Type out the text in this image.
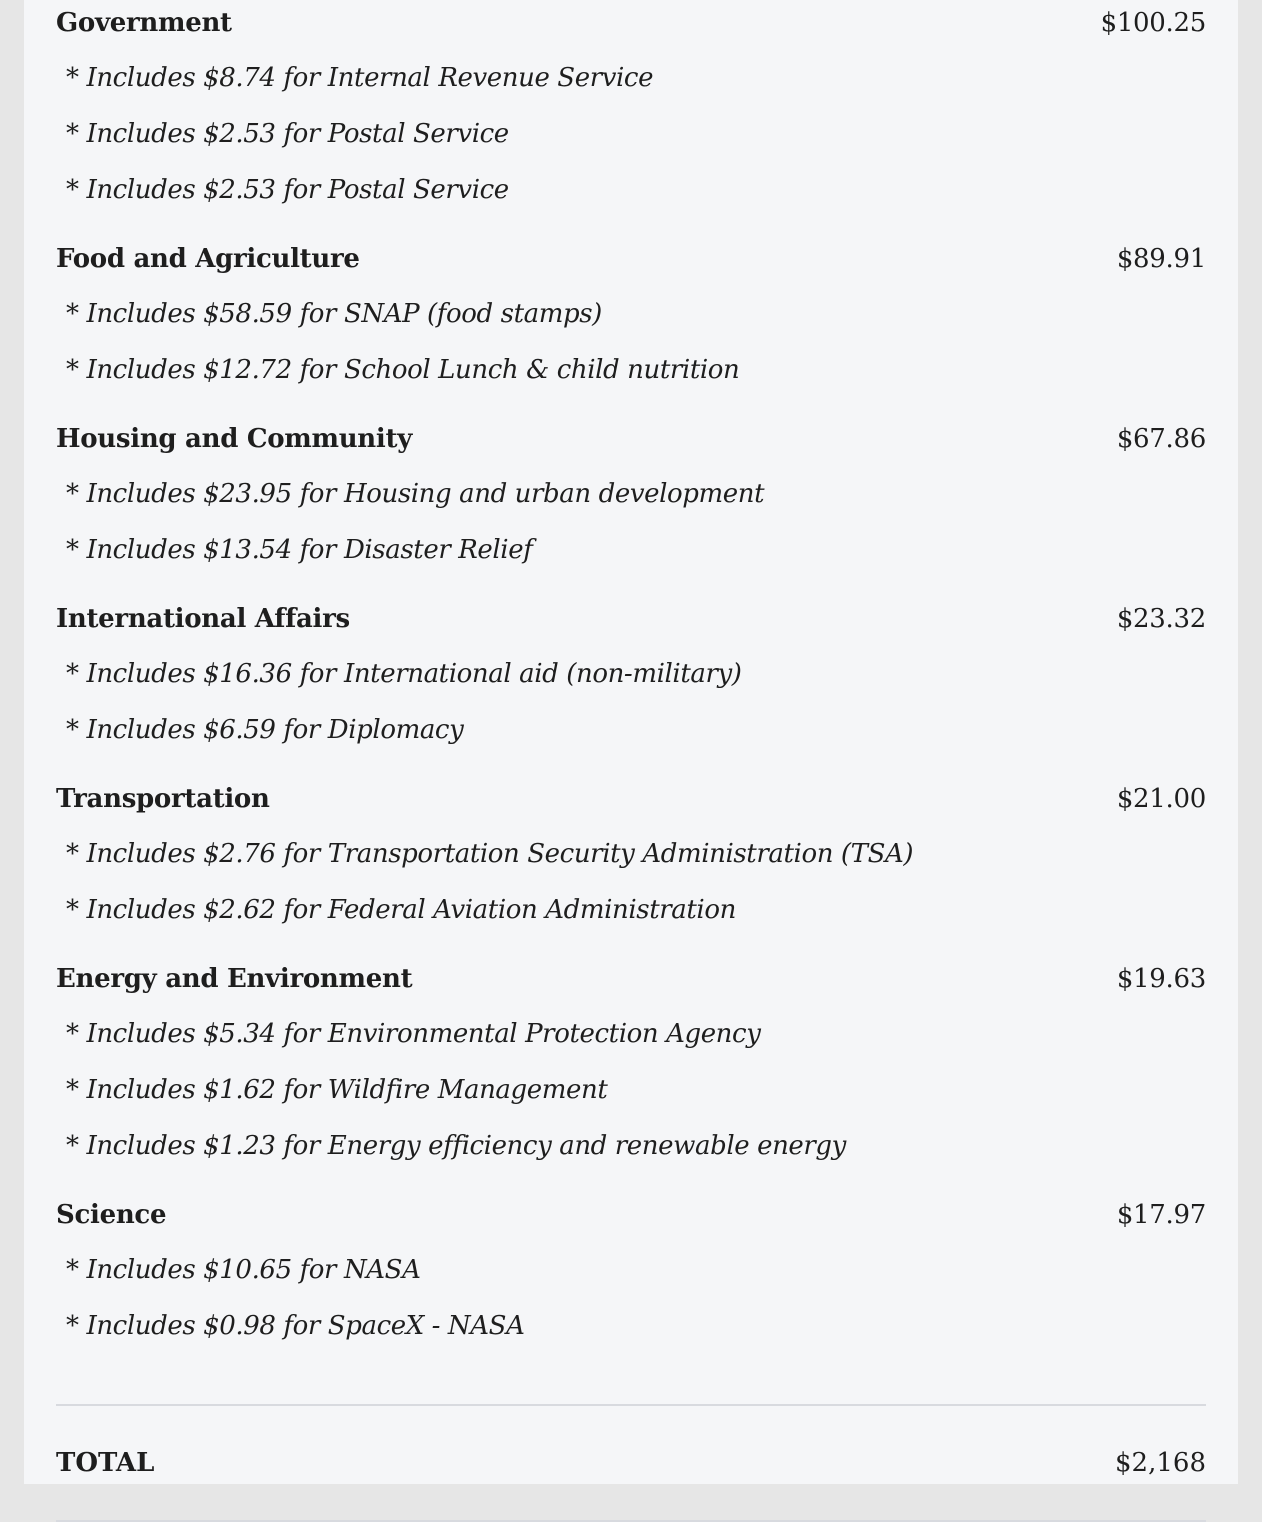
Government	$100.25
* Includes $8.74 for Internal Revenue Service
* Includes $2.53 for Postal Service
* Includes $2.53 for Postal Service
Food and Agriculture	$89.91
* Includes $58.59 for SNAP (food stamps)
* Includes $12.72 for School Lunch & child nutrition
Housing and Community	$67.86
* Includes $23.95 for Housing and urban development
* Includes $13.54 for Disaster Relief
International Affairs	$23.32
* Includes $16.36 for International aid (non-military)
* Includes $6.59 for Diplomacy
Transportation	$21.00
* Includes $2.76 for Transportation Security Administration (TSA)
* Includes $2.62 for Federal Aviation Administration
Energy and Environment	$19.63
* Includes $5.34 for Environmental Protection Agency
* Includes $1.62 for Wildfire Management
* Includes $1.23 for Energy efficiency and renewable energy
Science	$17.97
* Includes $10.65 for NASA
* Includes $0.98 for SpaceX - NASA
TOTAL	$2,168
